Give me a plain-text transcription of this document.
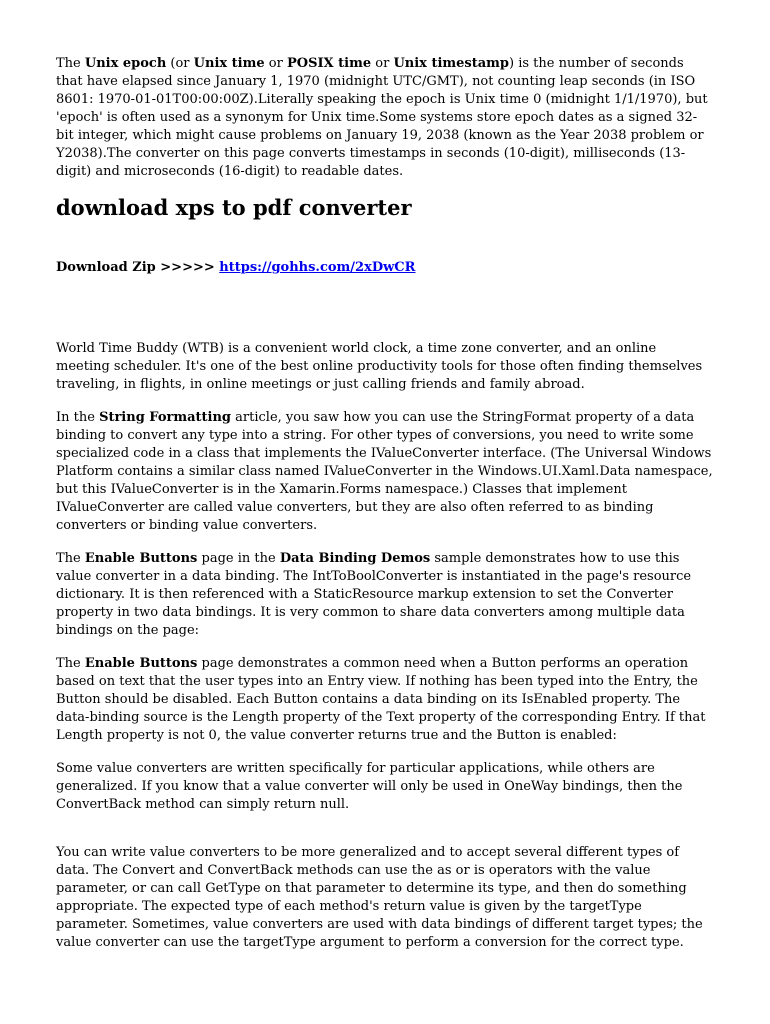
The Unix epoch (or Unix time or POSIX time or Unix timestamp) is the number of seconds that have elapsed since January 1, 1970 (midnight UTC/GMT), not counting leap seconds (in ISO 8601: 1970-01-01T00:00:00Z).Literally speaking the epoch is Unix time 0 (midnight 1/1/1970), but 'epoch' is often used as a synonym for Unix time.Some systems store epoch dates as a signed 32-bit integer, which might cause problems on January 19, 2038 (known as the Year 2038 problem or Y2038).The converter on this page converts timestamps in seconds (10-digit), milliseconds (13-digit) and microseconds (16-digit) to readable dates.

download xps to pdf converter

Download Zip >>>>> https://gohhs.com/2xDwCR

World Time Buddy (WTB) is a convenient world clock, a time zone converter, and an online meeting scheduler. It's one of the best online productivity tools for those often finding themselves traveling, in flights, in online meetings or just calling friends and family abroad.

In the String Formatting article, you saw how you can use the StringFormat property of a data binding to convert any type into a string. For other types of conversions, you need to write some specialized code in a class that implements the IValueConverter interface. (The Universal Windows Platform contains a similar class named IValueConverter in the Windows.UI.Xaml.Data namespace, but this IValueConverter is in the Xamarin.Forms namespace.) Classes that implement IValueConverter are called value converters, but they are also often referred to as binding converters or binding value converters.

The Enable Buttons page in the Data Binding Demos sample demonstrates how to use this value converter in a data binding. The IntToBoolConverter is instantiated in the page's resource dictionary. It is then referenced with a StaticResource markup extension to set the Converter property in two data bindings. It is very common to share data converters among multiple data bindings on the page:

The Enable Buttons page demonstrates a common need when a Button performs an operation based on text that the user types into an Entry view. If nothing has been typed into the Entry, the Button should be disabled. Each Button contains a data binding on its IsEnabled property. The data-binding source is the Length property of the Text property of the corresponding Entry. If that Length property is not 0, the value converter returns true and the Button is enabled:

Some value converters are written specifically for particular applications, while others are generalized. If you know that a value converter will only be used in OneWay bindings, then the ConvertBack method can simply return null.

You can write value converters to be more generalized and to accept several different types of data. The Convert and ConvertBack methods can use the as or is operators with the value parameter, or can call GetType on that parameter to determine its type, and then do something appropriate. The expected type of each method's return value is given by the targetType parameter. Sometimes, value converters are used with data bindings of different target types; the value converter can use the targetType argument to perform a conversion for the correct type.
